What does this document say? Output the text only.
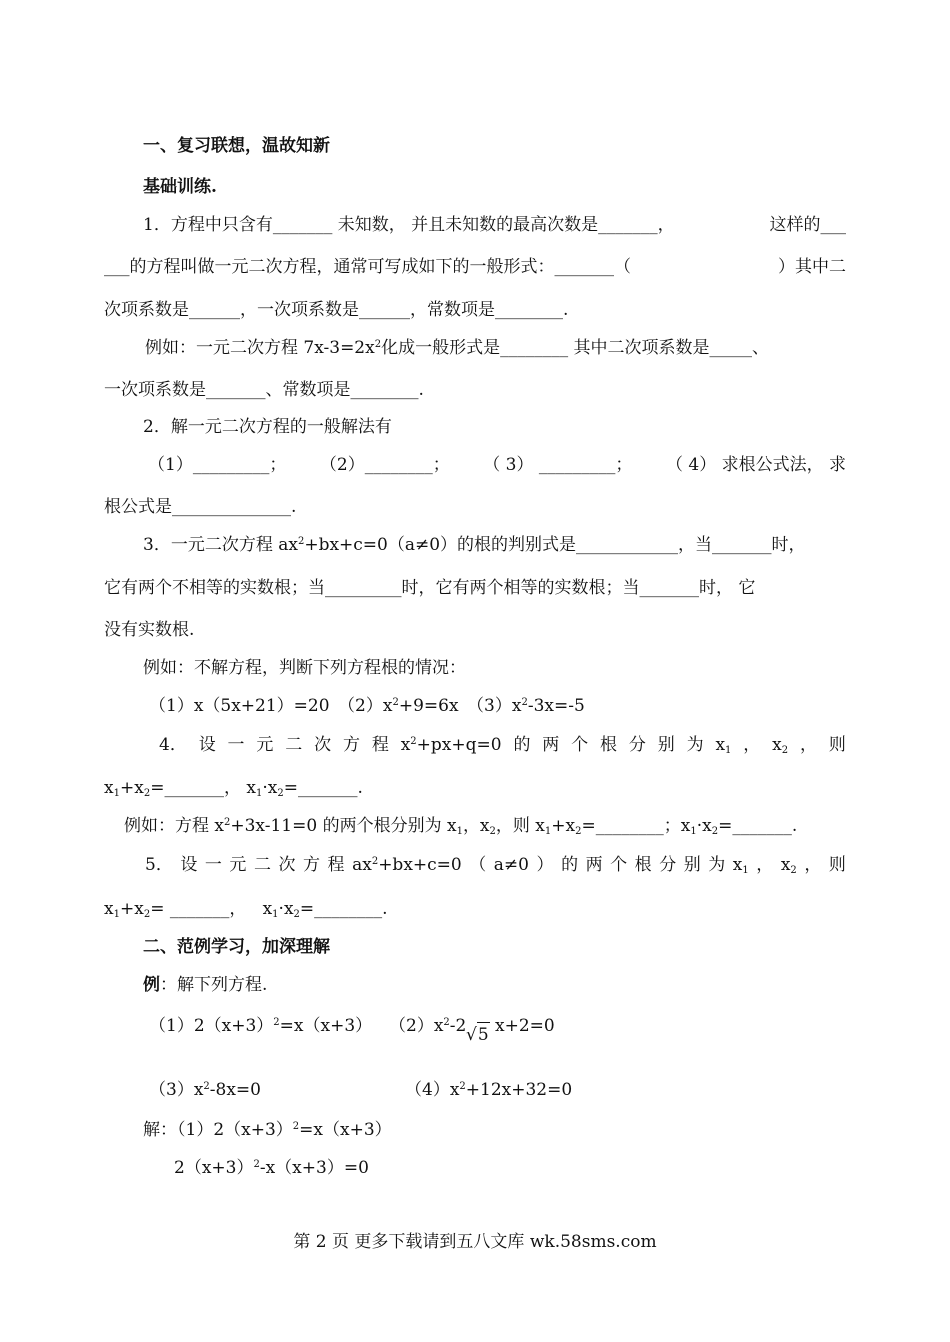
一、复习联想，温故知新
基础训练.
1．方程中只含有_______ 未知数， 并且未知数的最高次数是_______，	这样的___
___的方程叫做一元二次方程，通常可写成如下的一般形式：_______（	）其中二
次项系数是______，一次项系数是______，常数项是________.
例如：一元二次方程 $7x-3=2x^2$化成一般形式是________ 其中二次项系数是_____、
一次项系数是_______、常数项是________.
2．解一元二次方程的一般解法有
（1）_________； （2）________； （ 3） _________； （ 4） 求根公式法， 求
根公式是______________.
3．一元二次方程 $ax^2+bx+c=0(a\ne 0)$的根的判别式是____________，当_______时，
它有两个不相等的实数根；当_________时，它有两个相等的实数根；当_______时， 它
没有实数根.
例如：不解方程，判断下列方程根的情况：
（1）x（5x+21）=20　$(2)x^2+9=6x$　$(3)x^2-3x=-5$
4． 设 一 元 二 次 方 程 $x^2+px+q=0$ 的 两 个 根 分 别 为 $x_1$ ， $x_2$ ， 则
$x_1+x_2=\_\_\_\_\_\_\_$， $x_1\cdot x_2=\_\_\_\_\_\_\_$.
例如：方程 $x^2+3x-11=0$ 的两个根分别为 $x_1$，$x_2$，则 $x_1+x_2=\_\_\_\_\_\_\_\_$；$x_1\cdot x_2=\_\_\_\_\_\_\_$.
5． 设 一 元 二 次 方 程 $ax^2+bx+c=0$ （ a≠0 ） 的 两 个 根 分 别 为 $x_1$ ， $x_2$ ， 则
$x_1+x_2=$ _______， $x_1\cdot x_2=\_\_\_\_\_\_\_\_$.
二、范例学习，加深理解
例：解下列方程.
$(1)2(x+3)^2=x(x+3)$ $(2)x^2-2$ √5 x+2=0
$(3)x^2-8x=0$	$(4)x^2+12x+32=0$
解：$(1)2(x+3)^2=x(x+3)$
$2(x+3)^2-x(x+3)=0$
第 2 页 更多下载请到五八文库 wk.58sms.com
